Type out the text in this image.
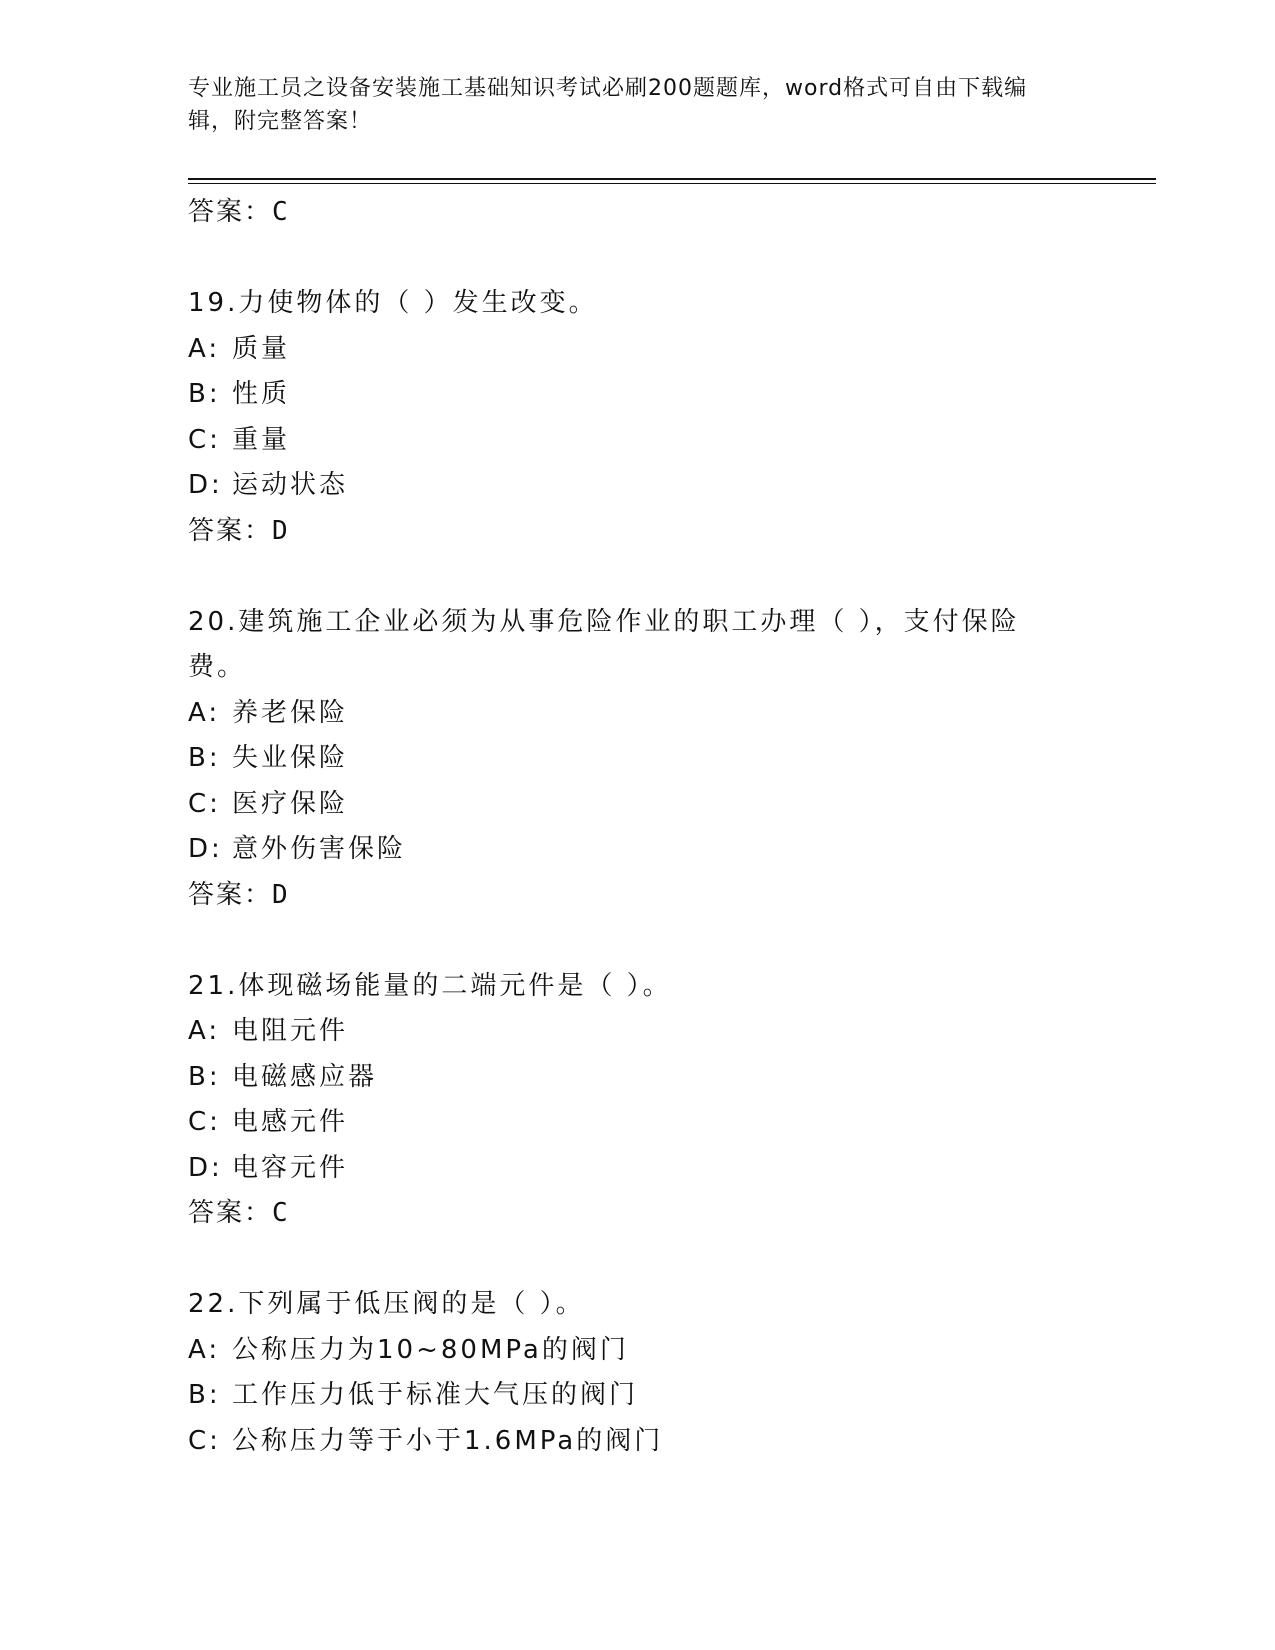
专业施工员之设备安装施工基础知识考试必刷200题题库，word格式可自由下载编辑，附完整答案！
答案：C
19.力使物体的（ ）发生改变。
A: 质量
B: 性质
C: 重量
D: 运动状态
答案：D
20.建筑施工企业必须为从事危险作业的职工办理（ ），支付保险费。
A: 养老保险
B: 失业保险
C: 医疗保险
D: 意外伤害保险
答案：D
21.体现磁场能量的二端元件是（ ）。
A: 电阻元件
B: 电磁感应器
C: 电感元件
D: 电容元件
答案：C
22.下列属于低压阀的是（ ）。
A: 公称压力为10~80MPa的阀门
B: 工作压力低于标准大气压的阀门
C: 公称压力等于小于1.6MPa的阀门
